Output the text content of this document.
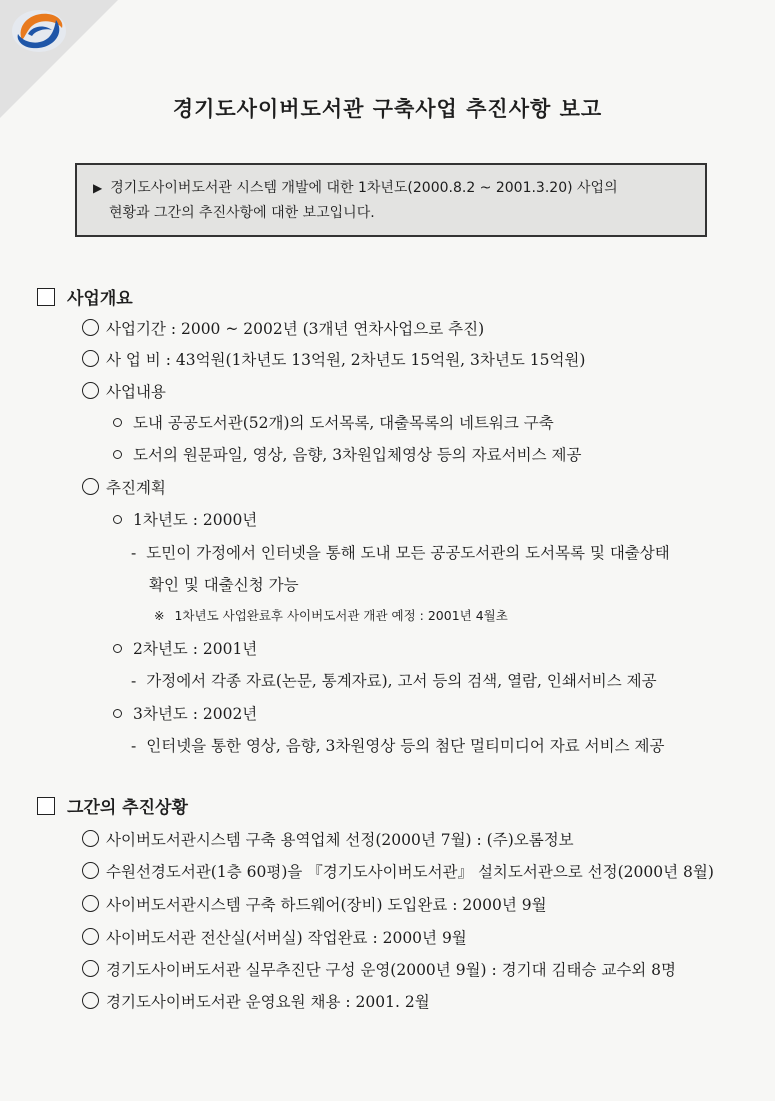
경기도사이버도서관 구축사업 추진사항 보고
▶ 경기도사이버도서관 시스템 개발에 대한 1차년도(2000.8.2 ~ 2001.3.20) 사업의
현황과 그간의 추진사항에 대한 보고입니다.
사업개요
사업기간 : 2000 ~ 2002년 (3개년 연차사업으로 추진)
사 업 비 : 43억원(1차년도 13억원, 2차년도 15억원, 3차년도 15억원)
사업내용
도내 공공도서관(52개)의 도서목록, 대출목록의 네트워크 구축
도서의 원문파일, 영상, 음향, 3차원입체영상 등의 자료서비스 제공
추진계획
1차년도 : 2000년
- 도민이 가정에서 인터넷을 통해 도내 모든 공공도서관의 도서목록 및 대출상태
확인 및 대출신청 가능
※ 1차년도 사업완료후 사이버도서관 개관 예정 : 2001년 4월초
2차년도 : 2001년
- 가정에서 각종 자료(논문, 통계자료), 고서 등의 검색, 열람, 인쇄서비스 제공
3차년도 : 2002년
- 인터넷을 통한 영상, 음향, 3차원영상 등의 첨단 멀티미디어 자료 서비스 제공
그간의 추진상황
사이버도서관시스템 구축 용역업체 선정(2000년 7월) : (주)오롬정보
수원선경도서관(1층 60평)을 『경기도사이버도서관』 설치도서관으로 선정(2000년 8월)
사이버도서관시스템 구축 하드웨어(장비) 도입완료 : 2000년 9월
사이버도서관 전산실(서버실) 작업완료 : 2000년 9월
경기도사이버도서관 실무추진단 구성 운영(2000년 9월) : 경기대 김태승 교수외 8명
경기도사이버도서관 운영요원 채용 : 2001. 2월
